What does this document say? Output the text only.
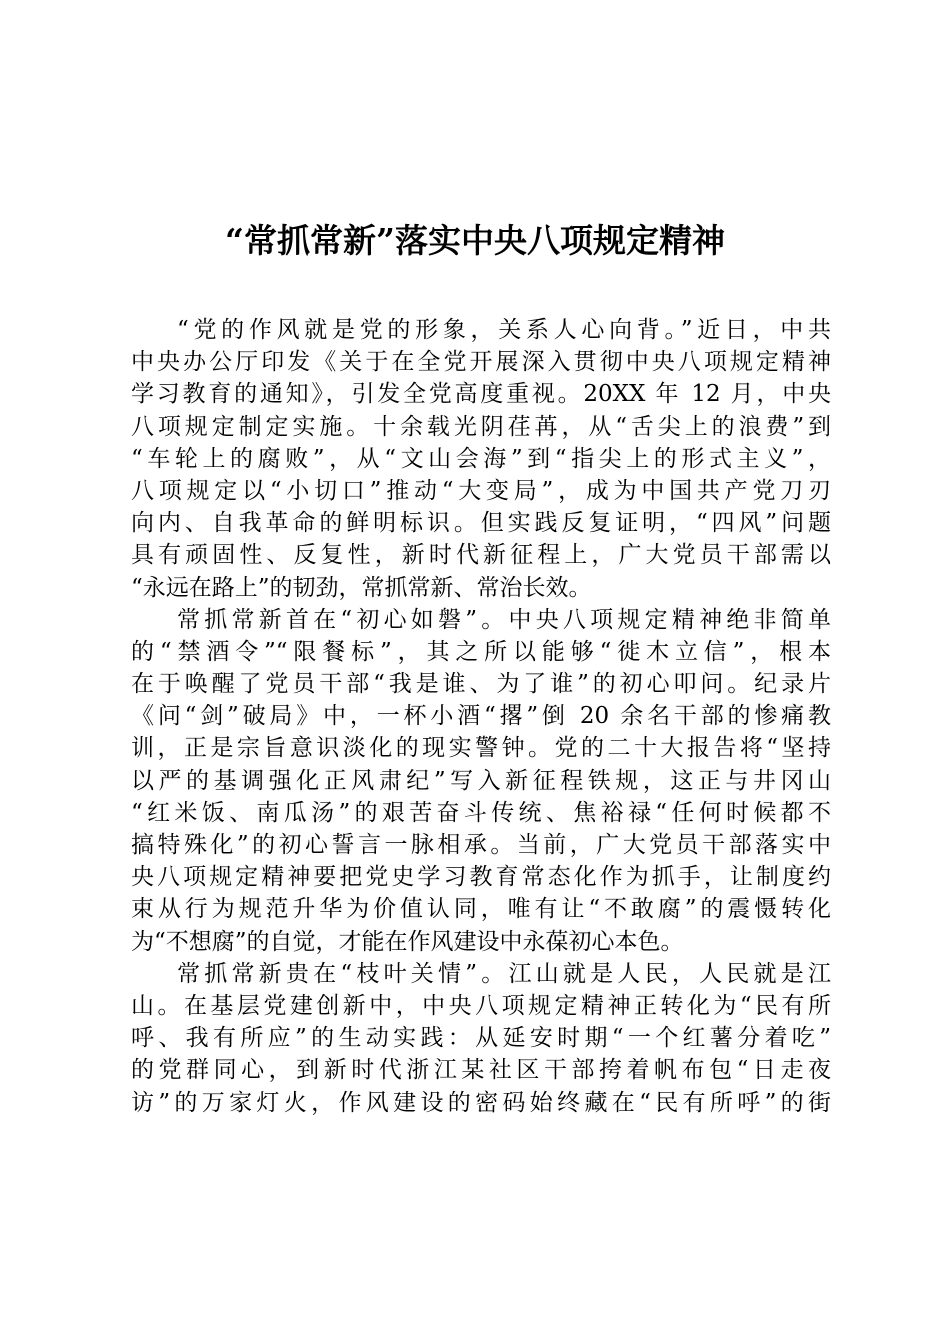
“常抓常新”落实中央八项规定精神

“党的作风就是党的形象，关系人心向背。”近日，中共
中央办公厅印发《关于在全党开展深入贯彻中央八项规定精神
学习教育的通知》，引发全党高度重视。20XX 年 12 月，中央
八项规定制定实施。十余载光阴荏苒，从“舌尖上的浪费”到
“车轮上的腐败”，从“文山会海”到“指尖上的形式主义”，
八项规定以“小切口”推动“大变局”，成为中国共产党刀刃
向内、自我革命的鲜明标识。但实践反复证明，“四风”问题
具有顽固性、反复性，新时代新征程上，广大党员干部需以
“永远在路上”的韧劲，常抓常新、常治长效。

常抓常新首在“初心如磐”。中央八项规定精神绝非简单
的“禁酒令”“限餐标”，其之所以能够“徙木立信”，根本
在于唤醒了党员干部“我是谁、为了谁”的初心叩问。纪录片
《问“剑”破局》中，一杯小酒“撂”倒 20 余名干部的惨痛教
训，正是宗旨意识淡化的现实警钟。党的二十大报告将“坚持
以严的基调强化正风肃纪”写入新征程铁规，这正与井冈山
“红米饭、南瓜汤”的艰苦奋斗传统、焦裕禄“任何时候都不
搞特殊化”的初心誓言一脉相承。当前，广大党员干部落实中
央八项规定精神要把党史学习教育常态化作为抓手，让制度约
束从行为规范升华为价值认同，唯有让“不敢腐”的震慑转化
为“不想腐”的自觉，才能在作风建设中永葆初心本色。

常抓常新贵在“枝叶关情”。江山就是人民，人民就是江
山。在基层党建创新中，中央八项规定精神正转化为“民有所
呼、我有所应”的生动实践：从延安时期“一个红薯分着吃”
的党群同心，到新时代浙江某社区干部挎着帆布包“日走夜
访”的万家灯火，作风建设的密码始终藏在“民有所呼”的街
